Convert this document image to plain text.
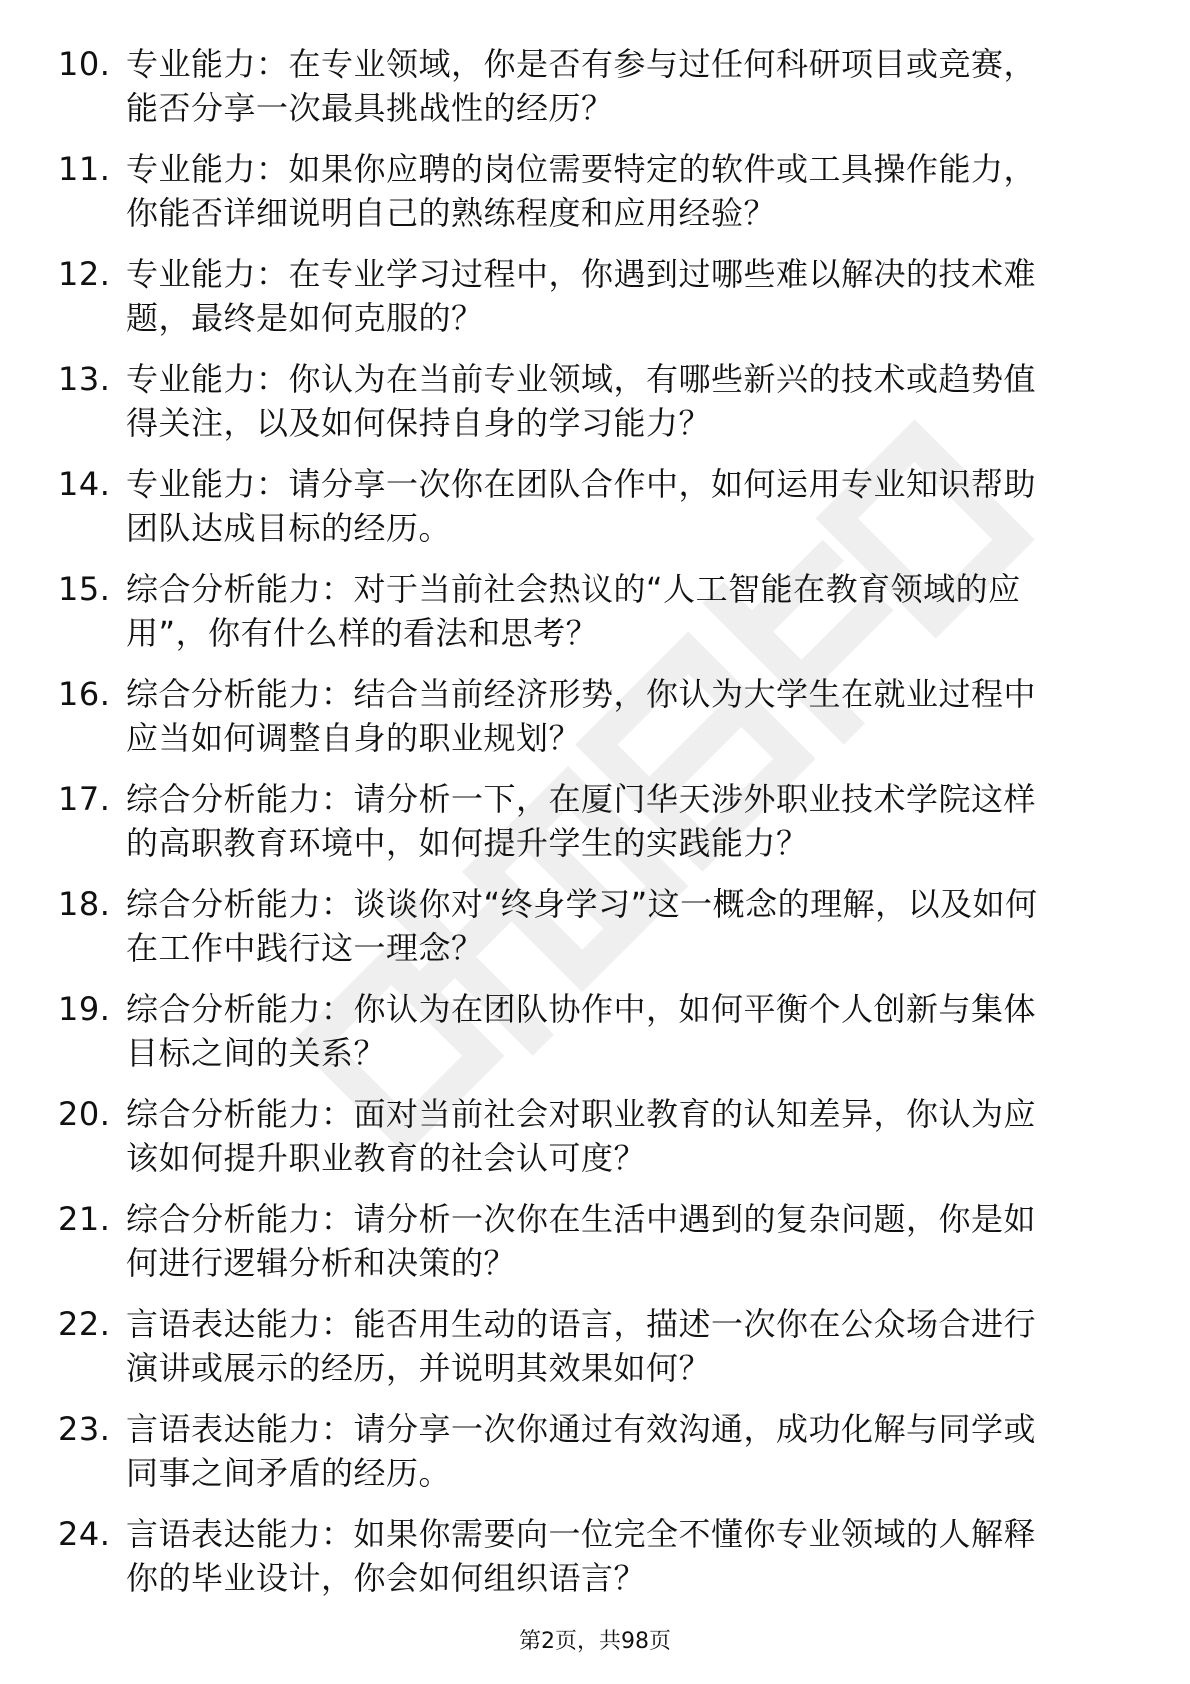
10. 专业能力：在专业领域，你是否有参与过任何科研项目或竞赛，
能否分享一次最具挑战性的经历？
11. 专业能力：如果你应聘的岗位需要特定的软件或工具操作能力，
你能否详细说明自己的熟练程度和应用经验？
12. 专业能力：在专业学习过程中，你遇到过哪些难以解决的技术难
题，最终是如何克服的？
13. 专业能力：你认为在当前专业领域，有哪些新兴的技术或趋势值
得关注，以及如何保持自身的学习能力？
14. 专业能力：请分享一次你在团队合作中，如何运用专业知识帮助
团队达成目标的经历。
15. 综合分析能力：对于当前社会热议的“人工智能在教育领域的应
用”，你有什么样的看法和思考？
16. 综合分析能力：结合当前经济形势，你认为大学生在就业过程中
应当如何调整自身的职业规划？
17. 综合分析能力：请分析一下，在厦门华天涉外职业技术学院这样
的高职教育环境中，如何提升学生的实践能力？
18. 综合分析能力：谈谈你对“终身学习”这一概念的理解，以及如何
在工作中践行这一理念？
19. 综合分析能力：你认为在团队协作中，如何平衡个人创新与集体
目标之间的关系？
20. 综合分析能力：面对当前社会对职业教育的认知差异，你认为应
该如何提升职业教育的社会认可度？
21. 综合分析能力：请分析一次你在生活中遇到的复杂问题，你是如
何进行逻辑分析和决策的？
22. 言语表达能力：能否用生动的语言，描述一次你在公众场合进行
演讲或展示的经历，并说明其效果如何？
23. 言语表达能力：请分享一次你通过有效沟通，成功化解与同学或
同事之间矛盾的经历。
24. 言语表达能力：如果你需要向一位完全不懂你专业领域的人解释
你的毕业设计，你会如何组织语言？
第2页，共98页
